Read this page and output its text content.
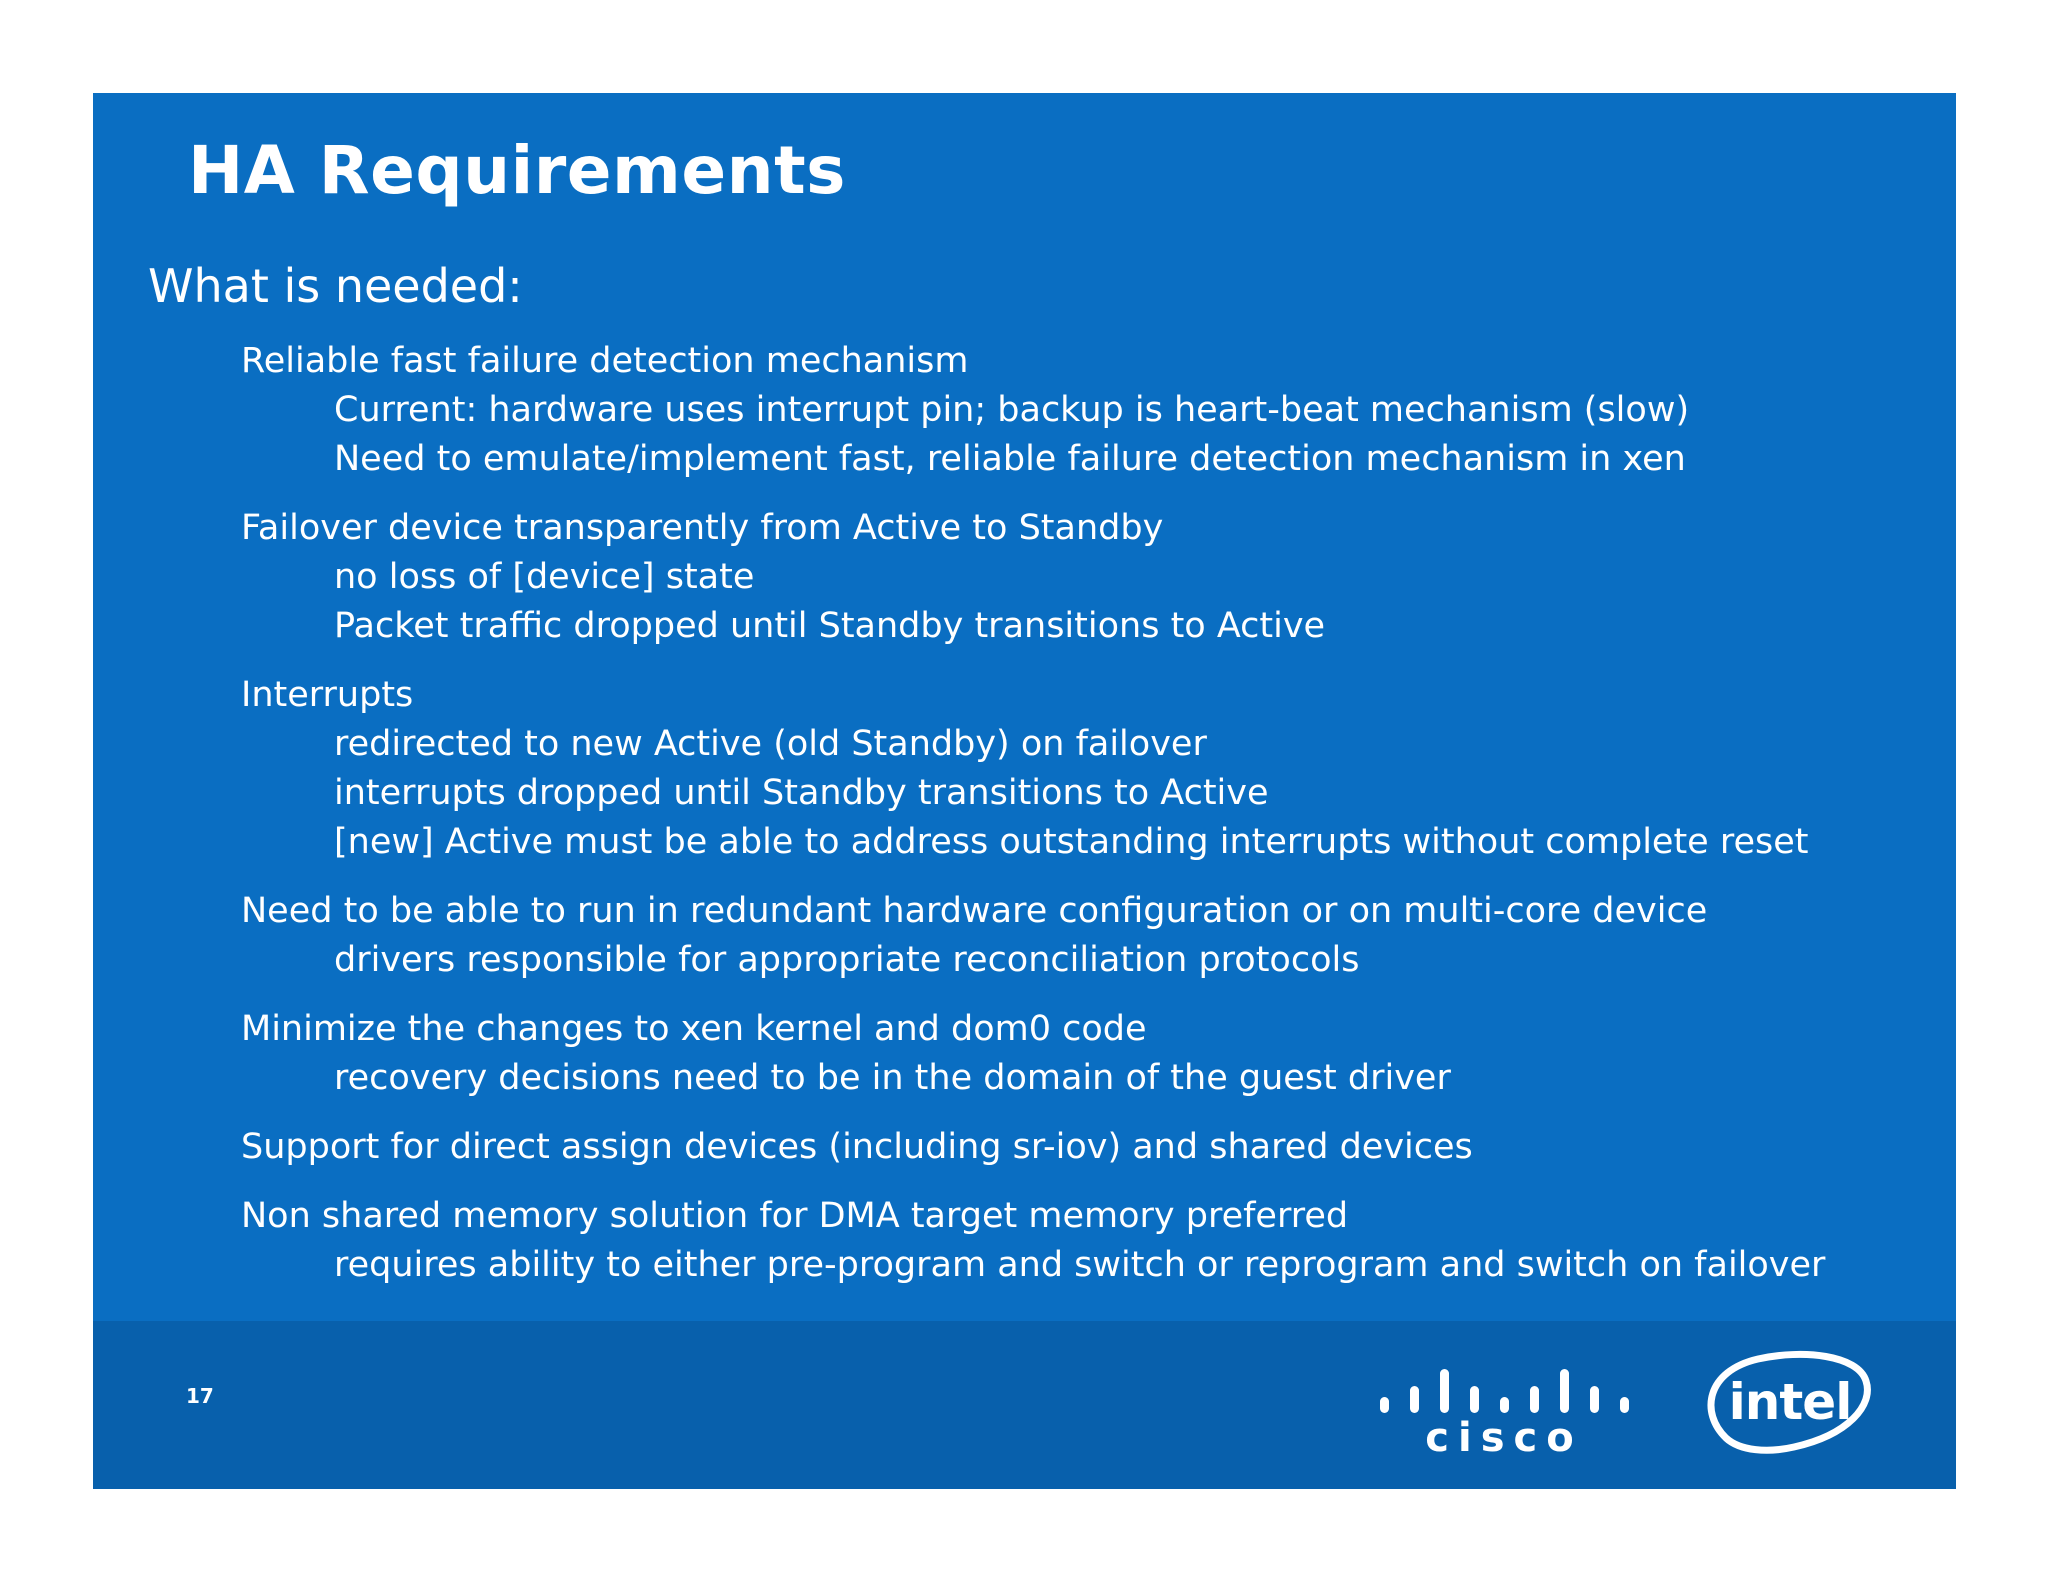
HA Requirements
What is needed:
Reliable fast failure detection mechanism
Current: hardware uses interrupt pin; backup is heart-beat mechanism (slow)
Need to emulate/implement fast, reliable failure detection mechanism in xen
Failover device transparently from Active to Standby
no loss of [device] state
Packet traffic dropped until Standby transitions to Active
Interrupts
redirected to new Active (old Standby) on failover
interrupts dropped until Standby transitions to Active
[new] Active must be able to address outstanding interrupts without complete reset
Need to be able to run in redundant hardware configuration or on multi-core device
drivers responsible for appropriate reconciliation protocols
Minimize the changes to xen kernel and dom0 code
recovery decisions need to be in the domain of the guest driver
Support for direct assign devices (including sr-iov) and shared devices
Non shared memory solution for DMA target memory preferred
requires ability to either pre-program and switch or reprogram and switch on failover
17
cisco
intel
